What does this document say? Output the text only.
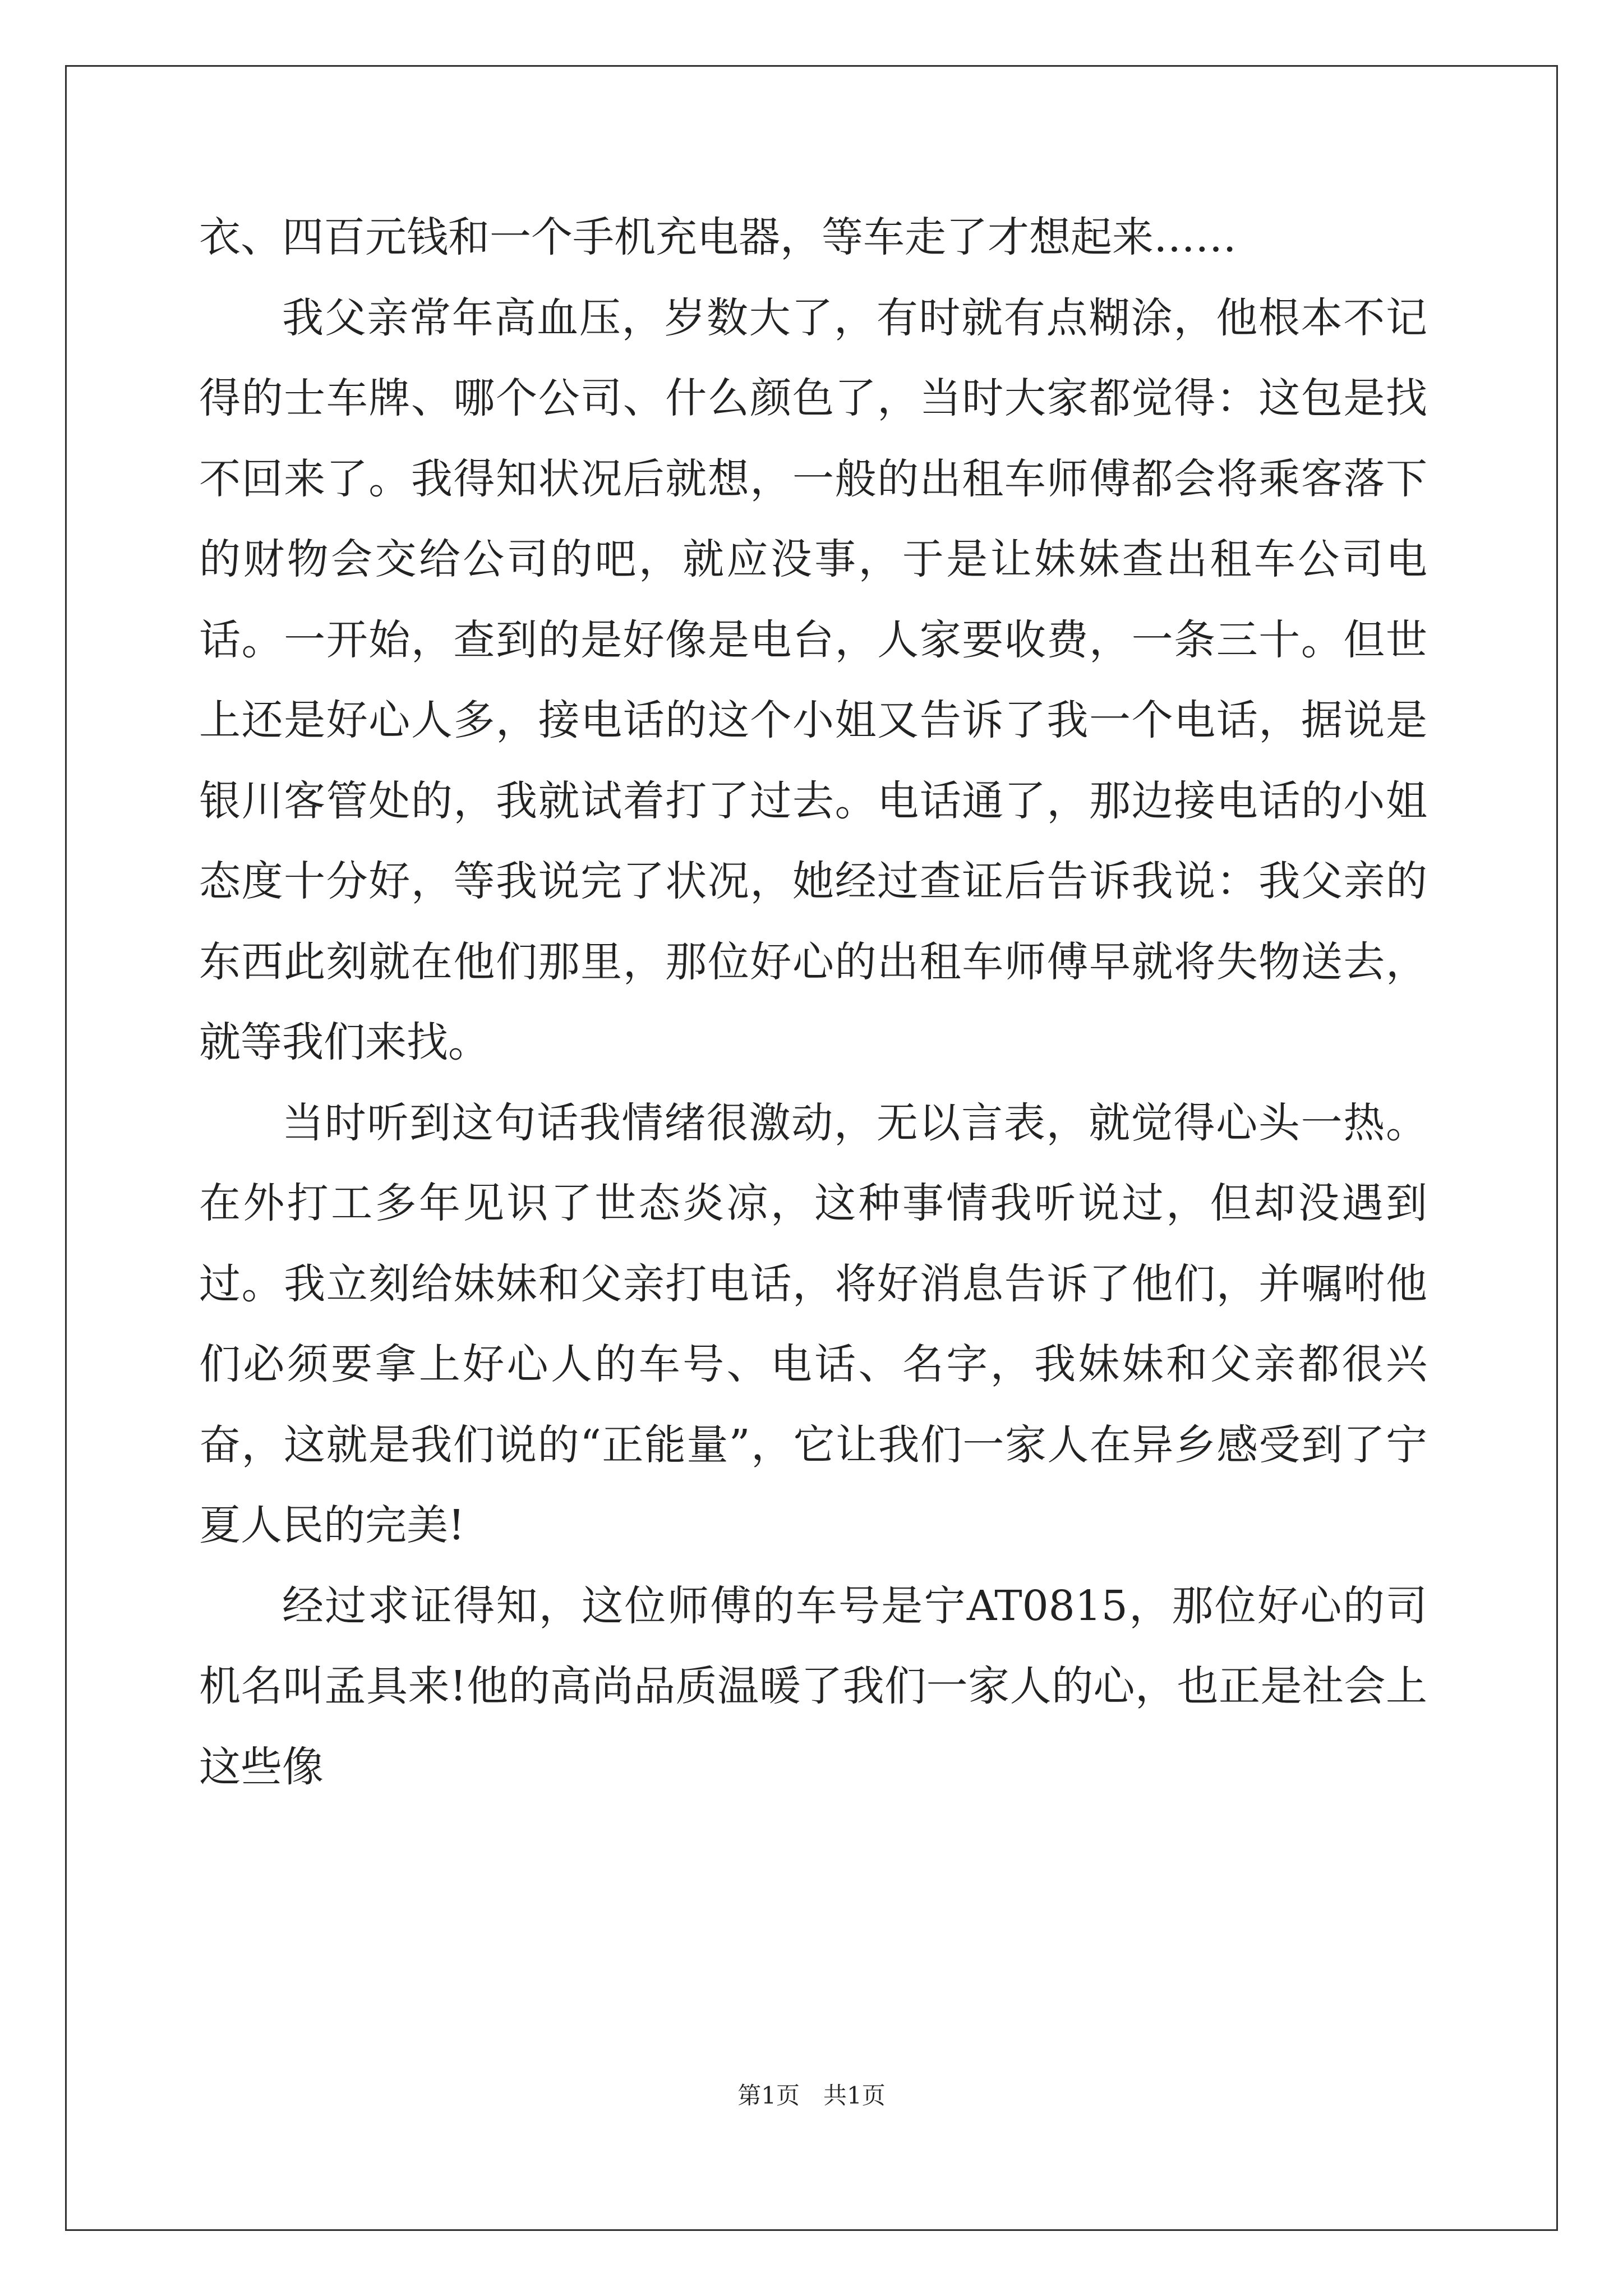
衣、四百元钱和一个手机充电器，等车走了才想起来……

我父亲常年高血压，岁数大了，有时就有点糊涂，他根本不记得的士车牌、哪个公司、什么颜色了，当时大家都觉得：这包是找不回来了。我得知状况后就想，一般的出租车师傅都会将乘客落下的财物会交给公司的吧，就应没事，于是让妹妹查出租车公司电话。一开始，查到的是好像是电台，人家要收费，一条三十。但世上还是好心人多，接电话的这个小姐又告诉了我一个电话，据说是银川客管处的，我就试着打了过去。电话通了，那边接电话的小姐态度十分好，等我说完了状况，她经过查证后告诉我说：我父亲的东西此刻就在他们那里，那位好心的出租车师傅早就将失物送去，就等我们来找。

当时听到这句话我情绪很激动，无以言表，就觉得心头一热。在外打工多年见识了世态炎凉，这种事情我听说过，但却没遇到过。我立刻给妹妹和父亲打电话，将好消息告诉了他们，并嘱咐他们必须要拿上好心人的车号、电话、名字，我妹妹和父亲都很兴奋，这就是我们说的“正能量”，它让我们一家人在异乡感受到了宁夏人民的完美!

经过求证得知，这位师傅的车号是宁AT0815，那位好心的司机名叫孟具来!他的高尚品质温暖了我们一家人的心，也正是社会上这些像

第1页 共1页
